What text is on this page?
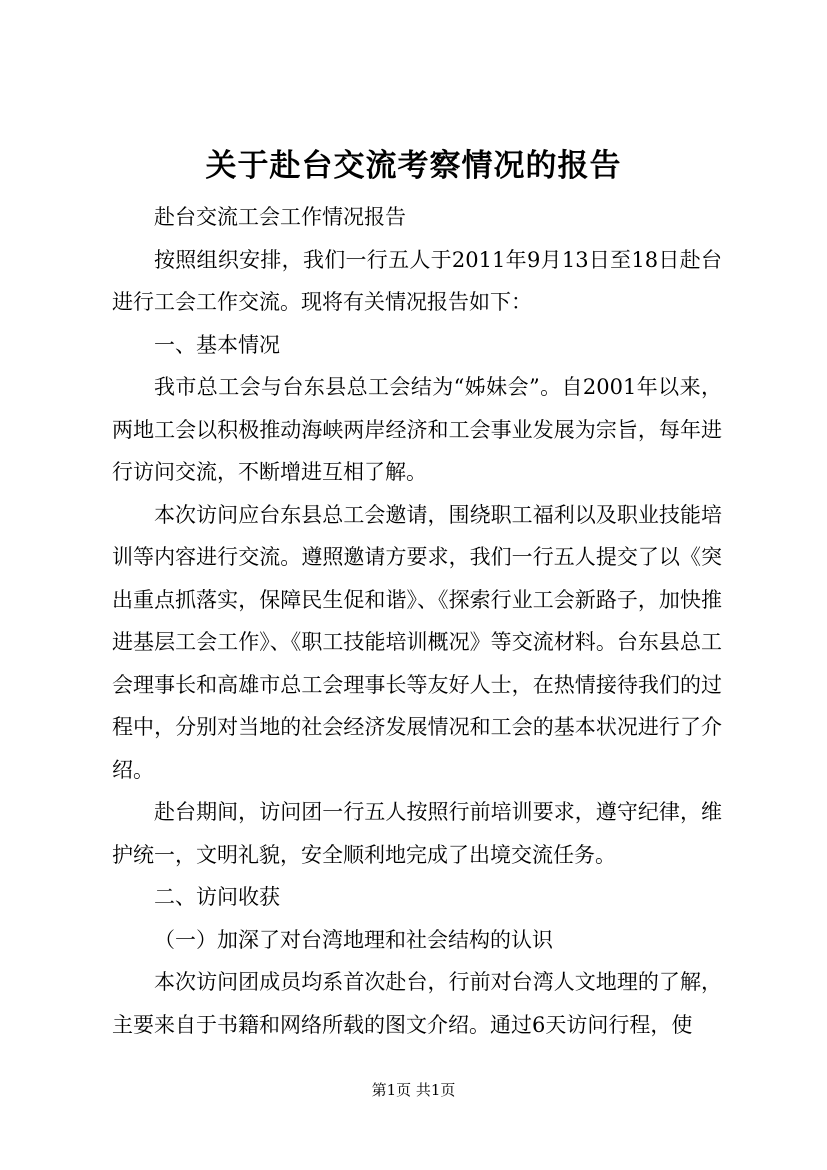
关于赴台交流考察情况的报告

赴台交流工会工作情况报告

按照组织安排，我们一行五人于2011年9月13日至18日赴台进行工会工作交流。现将有关情况报告如下：

一、基本情况

我市总工会与台东县总工会结为“姊妹会”。自2001年以来，两地工会以积极推动海峡两岸经济和工会事业发展为宗旨，每年进行访问交流，不断增进互相了解。

本次访问应台东县总工会邀请，围绕职工福利以及职业技能培训等内容进行交流。遵照邀请方要求，我们一行五人提交了以《突出重点抓落实，保障民生促和谐》、《探索行业工会新路子，加快推进基层工会工作》、《职工技能培训概况》等交流材料。台东县总工会理事长和高雄市总工会理事长等友好人士，在热情接待我们的过程中，分别对当地的社会经济发展情况和工会的基本状况进行了介绍。

赴台期间，访问团一行五人按照行前培训要求，遵守纪律，维护统一，文明礼貌，安全顺利地完成了出境交流任务。

二、访问收获

（一）加深了对台湾地理和社会结构的认识

本次访问团成员均系首次赴台，行前对台湾人文地理的了解，主要来自于书籍和网络所载的图文介绍。通过6天访问行程，使

第1页 共1页
